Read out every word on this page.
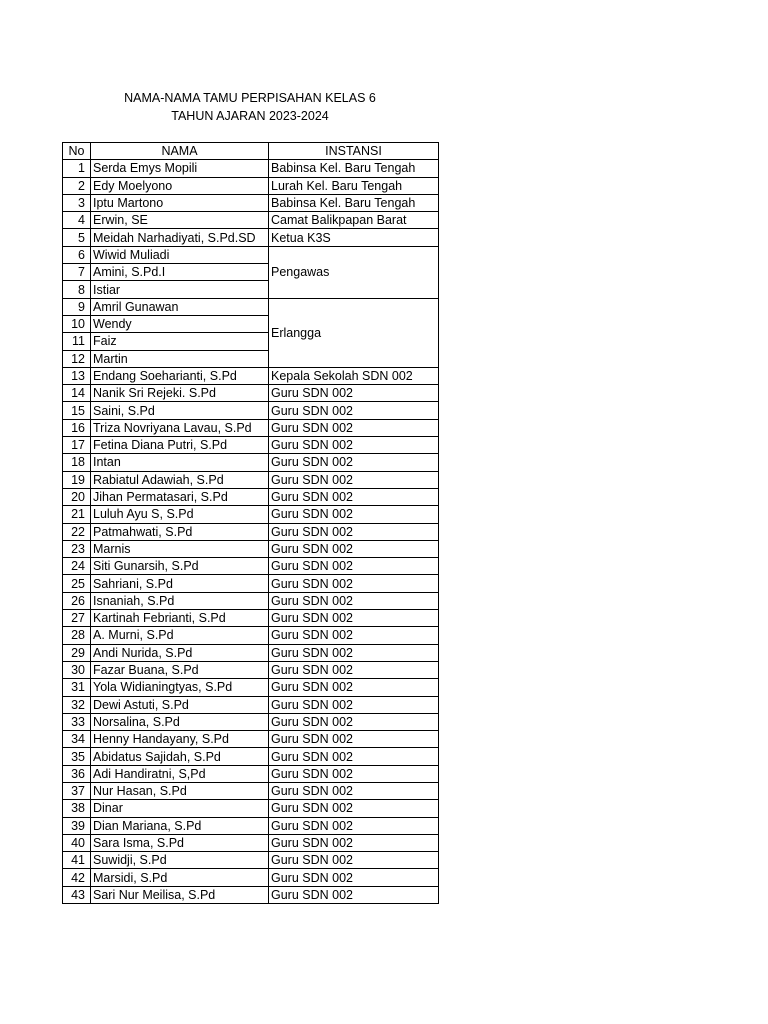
NAMA-NAMA TAMU PERPISAHAN KELAS 6
TAHUN AJARAN 2023-2024
No	NAMA	INSTANSI
1	Serda Emys Mopili	Babinsa Kel. Baru Tengah
2	Edy Moelyono	Lurah Kel. Baru Tengah
3	Iptu Martono	Babinsa Kel. Baru Tengah
4	Erwin, SE	Camat Balikpapan Barat
5	Meidah Narhadiyati, S.Pd.SD	Ketua K3S
6	Wiwid Muliadi	Pengawas
7	Amini, S.Pd.I	
8	Istiar	
9	Amril Gunawan	Erlangga
10	Wendy	
11	Faiz	
12	Martin	
13	Endang Soeharianti, S.Pd	Kepala Sekolah SDN 002
14	Nanik Sri Rejeki. S.Pd	Guru SDN 002
15	Saini, S.Pd	Guru SDN 002
16	Triza Novriyana Lavau, S.Pd	Guru SDN 002
17	Fetina Diana Putri, S.Pd	Guru SDN 002
18	Intan	Guru SDN 002
19	Rabiatul Adawiah, S.Pd	Guru SDN 002
20	Jihan Permatasari, S.Pd	Guru SDN 002
21	Luluh Ayu S, S.Pd	Guru SDN 002
22	Patmahwati, S.Pd	Guru SDN 002
23	Marnis	Guru SDN 002
24	Siti Gunarsih, S.Pd	Guru SDN 002
25	Sahriani, S.Pd	Guru SDN 002
26	Isnaniah, S.Pd	Guru SDN 002
27	Kartinah Febrianti, S.Pd	Guru SDN 002
28	A. Murni, S.Pd	Guru SDN 002
29	Andi Nurida, S.Pd	Guru SDN 002
30	Fazar Buana, S.Pd	Guru SDN 002
31	Yola Widianingtyas, S.Pd	Guru SDN 002
32	Dewi Astuti, S.Pd	Guru SDN 002
33	Norsalina, S.Pd	Guru SDN 002
34	Henny Handayany, S.Pd	Guru SDN 002
35	Abidatus Sajidah, S.Pd	Guru SDN 002
36	Adi Handiratni, S,Pd	Guru SDN 002
37	Nur Hasan, S.Pd	Guru SDN 002
38	Dinar	Guru SDN 002
39	Dian Mariana, S.Pd	Guru SDN 002
40	Sara Isma, S.Pd	Guru SDN 002
41	Suwidji, S.Pd	Guru SDN 002
42	Marsidi, S.Pd	Guru SDN 002
43	Sari Nur Meilisa, S.Pd	Guru SDN 002
